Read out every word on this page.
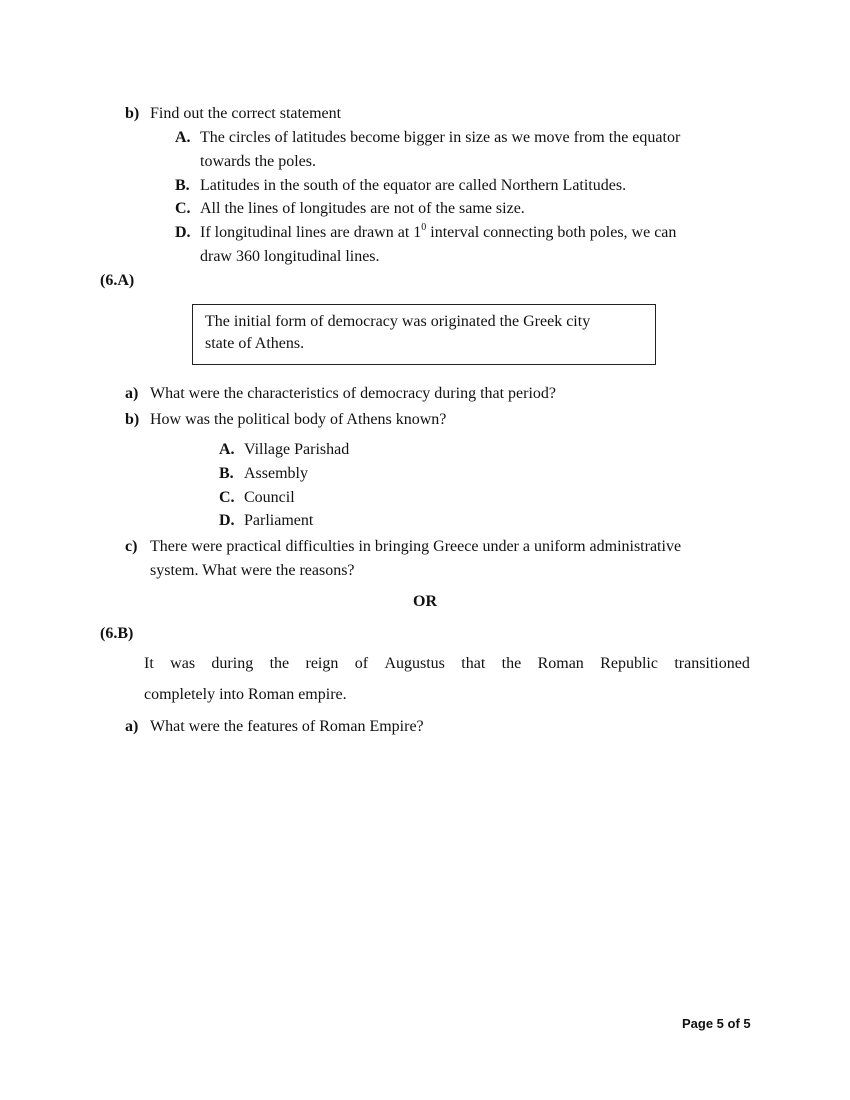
b) Find out the correct statement
A. The circles of latitudes become bigger in size as we move from the equator
towards the poles.
B. Latitudes in the south of the equator are called Northern Latitudes.
C. All the lines of longitudes are not of the same size.
D. If longitudinal lines are drawn at $1^0$ interval connecting both poles, we can
draw 360 longitudinal lines.
(6.A)
The initial form of democracy was originated the Greek city
state of Athens.
a) What were the characteristics of democracy during that period?
b) How was the political body of Athens known?
A. Village Parishad
B. Assembly
C. Council
D. Parliament
c) There were practical difficulties in bringing Greece under a uniform administrative
system. What were the reasons?
OR
(6.B)
It was during the reign of Augustus that the Roman Republic transitioned
completely into Roman empire.
a) What were the features of Roman Empire?
Page 5 of 5
